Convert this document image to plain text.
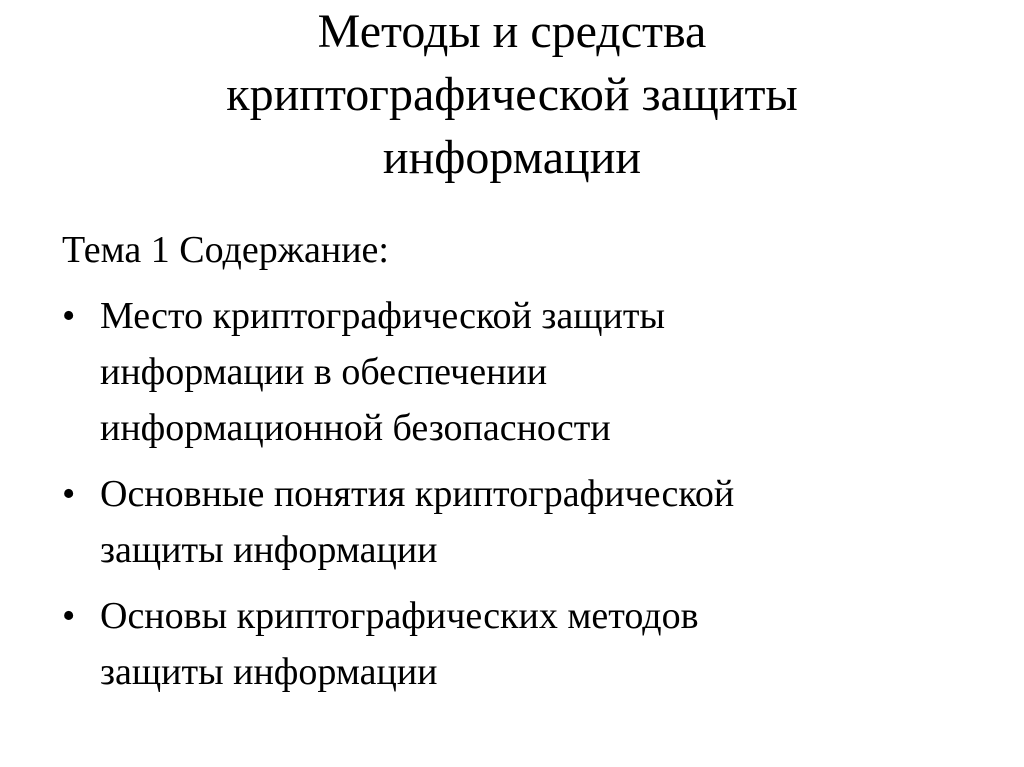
Методы и средства
криптографической защиты
информации

Тема 1 Содержание:

• Место криптографической защиты
информации в обеспечении
информационной безопасности
• Основные понятия криптографической
защиты информации
• Основы криптографических методов
защиты информации
